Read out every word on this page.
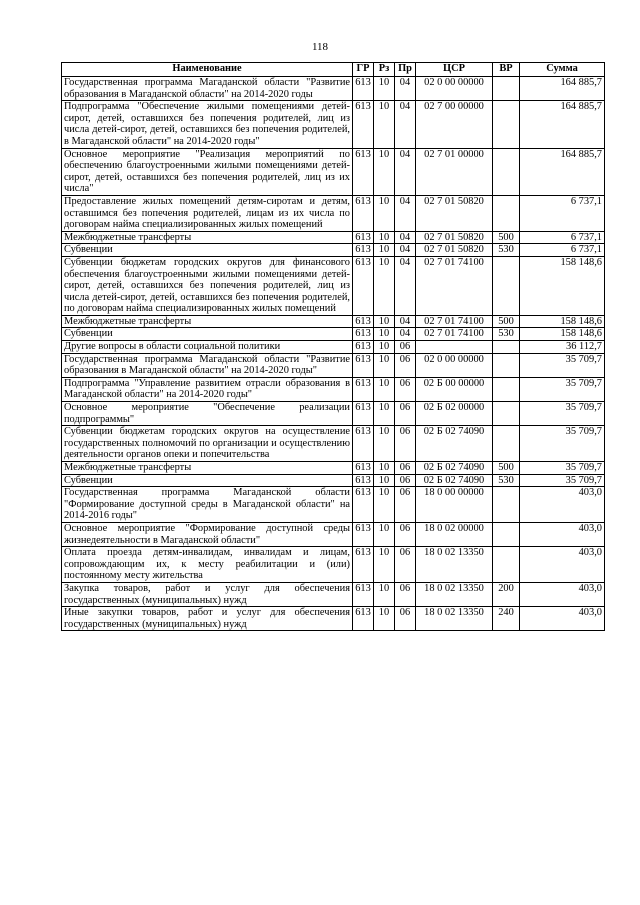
118
Наименование	ГР	Рз	Пр	ЦСР	ВР	Сумма
Государственная программа Магаданской области "Развитие образования в Магаданской области" на 2014-2020 годы	613	10	04	02 0 00 00000		164 885,7
Подпрограмма "Обеспечение жилыми помещениями детей-сирот, детей, оставшихся без попечения родителей, лиц из числа детей-сирот, детей, оставшихся без попечения родителей, в Магаданской области" на 2014-2020 годы"	613	10	04	02 7 00 00000		164 885,7
Основное мероприятие "Реализация мероприятий по обеспечению благоустроенными жилыми помещениями детей-сирот, детей, оставшихся без попечения родителей, лиц из их числа"	613	10	04	02 7 01 00000		164 885,7
Предоставление жилых помещений детям-сиротам и детям, оставшимся без попечения родителей, лицам из их числа по договорам найма специализированных жилых помещений	613	10	04	02 7 01 50820		6 737,1
Межбюджетные трансферты	613	10	04	02 7 01 50820	500	6 737,1
Субвенции	613	10	04	02 7 01 50820	530	6 737,1
Субвенции бюджетам городских округов для финансового обеспечения благоустроенными жилыми помещениями детей-сирот, детей, оставшихся без попечения родителей, лиц из числа детей-сирот, детей, оставшихся без попечения родителей, по договорам найма специализированных жилых помещений	613	10	04	02 7 01 74100		158 148,6
Межбюджетные трансферты	613	10	04	02 7 01 74100	500	158 148,6
Субвенции	613	10	04	02 7 01 74100	530	158 148,6
Другие вопросы в области социальной политики	613	10	06			36 112,7
Государственная программа Магаданской области "Развитие образования в Магаданской области" на 2014-2020 годы"	613	10	06	02 0 00 00000		35 709,7
Подпрограмма "Управление развитием отрасли образования в Магаданской области" на 2014-2020 годы"	613	10	06	02 Б 00 00000		35 709,7
Основное мероприятие "Обеспечение реализации подпрограммы"	613	10	06	02 Б 02 00000		35 709,7
Субвенции бюджетам городских округов на осуществление государственных полномочий по организации и осуществлению деятельности органов опеки и попечительства	613	10	06	02 Б 02 74090		35 709,7
Межбюджетные трансферты	613	10	06	02 Б 02 74090	500	35 709,7
Субвенции	613	10	06	02 Б 02 74090	530	35 709,7
Государственная программа Магаданской области "Формирование доступной среды в Магаданской области" на 2014-2016 годы"	613	10	06	18 0 00 00000		403,0
Основное мероприятие "Формирование доступной среды жизнедеятельности в Магаданской области"	613	10	06	18 0 02 00000		403,0
Оплата проезда детям-инвалидам, инвалидам и лицам, сопровождающим их, к месту реабилитации и (или) постоянному месту жительства	613	10	06	18 0 02 13350		403,0
Закупка товаров, работ и услуг для обеспечения государственных (муниципальных) нужд	613	10	06	18 0 02 13350	200	403,0
Иные закупки товаров, работ и услуг для обеспечения государственных (муниципальных) нужд	613	10	06	18 0 02 13350	240	403,0
